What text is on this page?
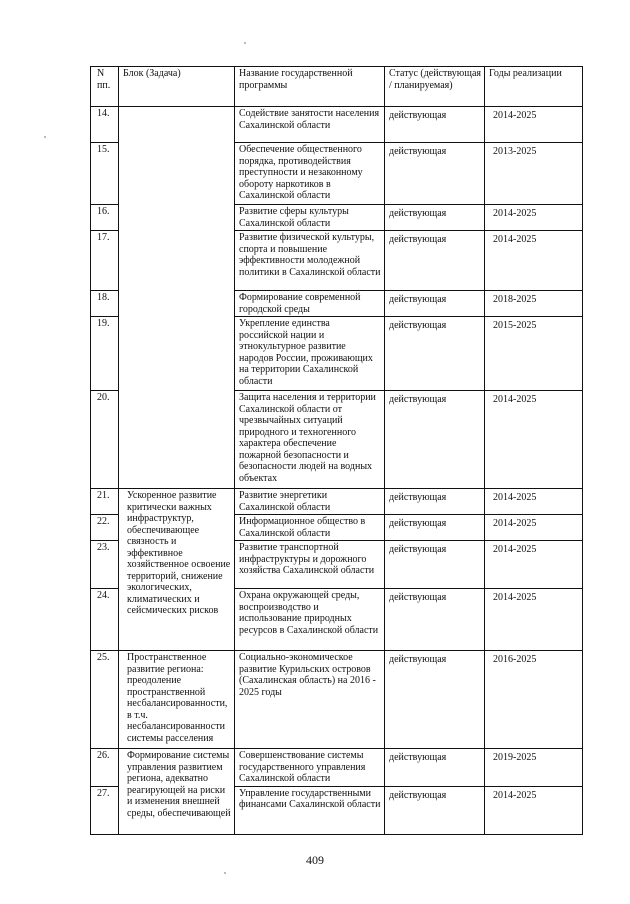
N
пп.	Блок (Задача)	Название государственной программы	Статус (действующая / планируемая)	Годы реализации
14.		Содействие занятости населения Сахалинской области	действующая	2014-2025
15.		Обеспечение общественного порядка, противодействия преступности и незаконному обороту наркотиков в Сахалинской области	действующая	2013-2025
16.		Развитие сферы культуры Сахалинской области	действующая	2014-2025
17.		Развитие физической культуры, спорта и повышение эффективности молодежной политики в Сахалинской области	действующая	2014-2025
18.		Формирование современной городской среды	действующая	2018-2025
19.		Укрепление единства российской нации и этнокультурное развитие народов России, проживающих на территории Сахалинской области	действующая	2015-2025
20.		Защита населения и территории Сахалинской области от чрезвычайных ситуаций природного и техногенного характера обеспечение пожарной безопасности и безопасности людей на водных объектах	действующая	2014-2025
21.	Ускоренное развитие критически важных инфраструктур, обеспечивающее связность и эффективное хозяйственное освоение территорий, снижение экологических, климатических и сейсмических рисков	Развитие энергетики Сахалинской области	действующая	2014-2025
22.		Информационное общество в Сахалинской области	действующая	2014-2025
23.		Развитие транспортной инфраструктуры и дорожного хозяйства Сахалинской области	действующая	2014-2025
24.		Охрана окружающей среды, воспроизводство и использование природных ресурсов в Сахалинской области	действующая	2014-2025
25.	Пространственное развитие региона: преодоление пространственной несбалансированности, в т.ч. несбалансированности системы расселения	Социально-экономическое развитие Курильских островов (Сахалинская область) на 2016 - 2025 годы	действующая	2016-2025
26.	Формирование системы управления развитием региона, адекватно реагирующей на риски и изменения внешней среды, обеспечивающей	Совершенствование системы государственного управления Сахалинской области	действующая	2019-2025
27.		Управление государственными финансами Сахалинской области	действующая	2014-2025
409
